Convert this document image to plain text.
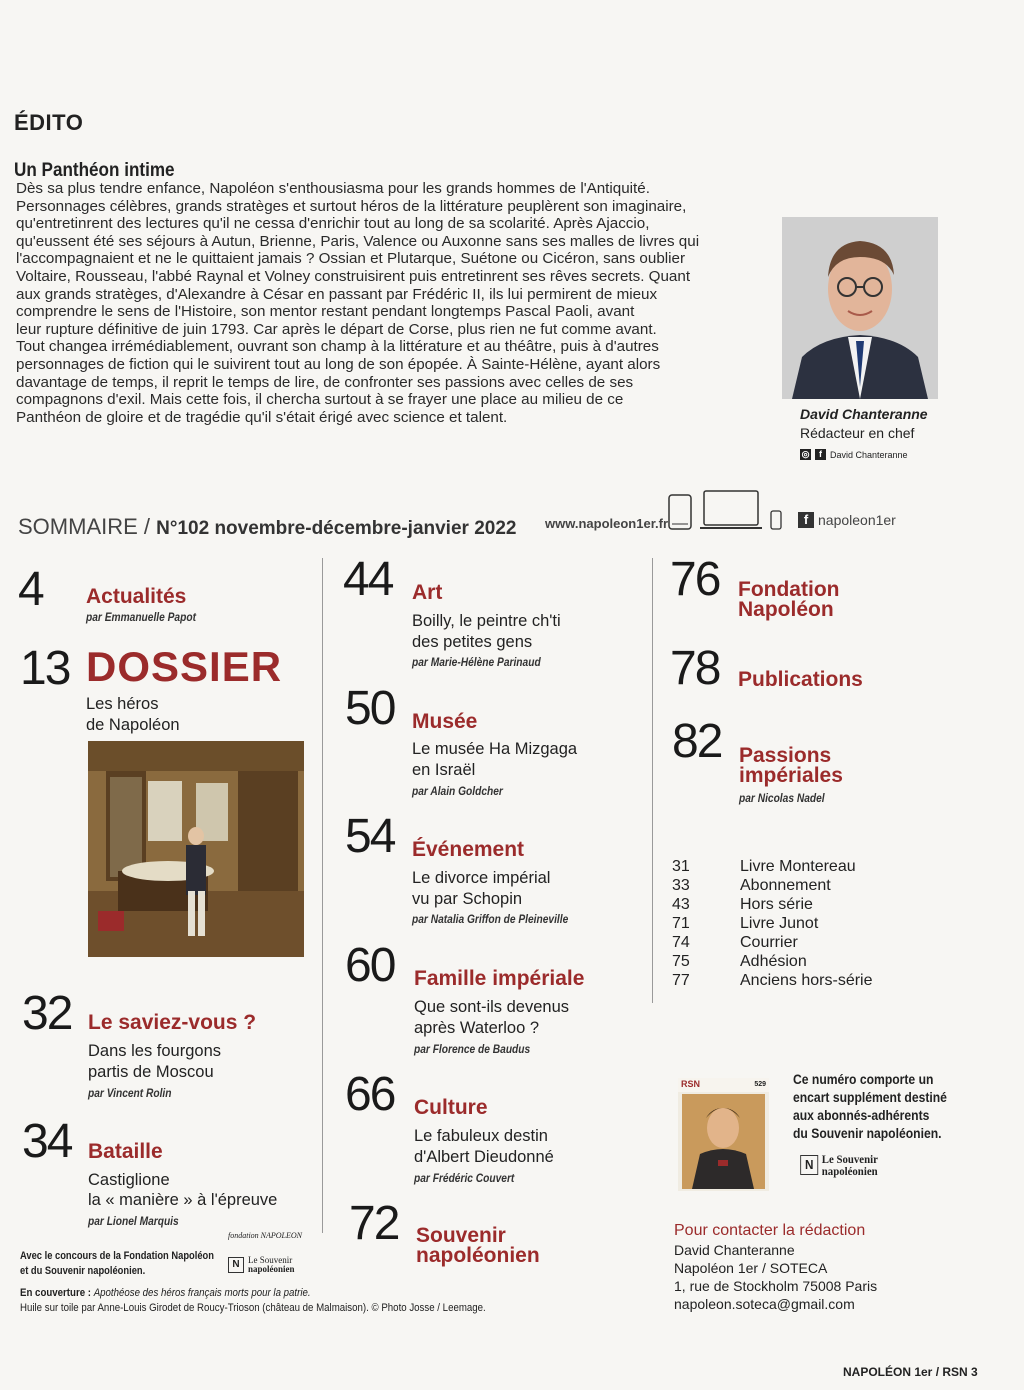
ÉDITO
Un Panthéon intime

Dès sa plus tendre enfance, Napoléon s'enthousiasma pour les grands hommes de l'Antiquité.

Personnages célèbres, grands stratèges et surtout héros de la littérature peuplèrent son imaginaire,

qu'entretinrent des lectures qu'il ne cessa d'enrichir tout au long de sa scolarité. Après Ajaccio,

qu'eussent été ses séjours à Autun, Brienne, Paris, Valence ou Auxonne sans ses malles de livres qui

l'accompagnaient et ne le quittaient jamais ? Ossian et Plutarque, Suétone ou Cicéron, sans oublier

Voltaire, Rousseau, l'abbé Raynal et Volney construisirent puis entretinrent ses rêves secrets. Quant

aux grands stratèges, d'Alexandre à César en passant par Frédéric II, ils lui permirent de mieux

comprendre le sens de l'Histoire, son mentor restant pendant longtemps Pascal Paoli, avant

leur rupture définitive de juin 1793. Car après le départ de Corse, plus rien ne fut comme avant.

Tout changea irrémédiablement, ouvrant son champ à la littérature et au théâtre, puis à d'autres

personnages de fiction qui le suivirent tout au long de son épopée. À Sainte-Hélène, ayant alors

davantage de temps, il reprit le temps de lire, de confronter ses passions avec celles de ses

compagnons d'exil. Mais cette fois, il chercha surtout à se frayer une place au milieu de ce

Panthéon de gloire et de tragédie qu'il s'était érigé avec science et talent.	David Chanteranne
Rédacteur en chef
◎	f David Chanteranne
SOMMAIRE / N°102 novembre-décembre-janvier 2022 www.napoleon1er.fr	f napoleon1er
4 Actualités
par Emmanuelle Papot
13 DOSSIER
Les héros
de Napoléon
32 Le saviez-vous ?
Dans les fourgons
partis de Moscou
par Vincent Rolin
34 Bataille
Castiglione
la « manière » à l'épreuve
par Lionel Marquis
44 Art
Boilly, le peintre ch'ti
des petites gens
par Marie-Hélène Parinaud
50 Musée
Le musée Ha Mizgaga
en Israël
par Alain Goldcher
54 Événement
Le divorce impérial
vu par Schopin
par Natalia Griffon de Pleineville
60 Famille impériale
Que sont-ils devenus
après Waterloo ?
par Florence de Baudus
66 Culture
Le fabuleux destin
d'Albert Dieudonné
par Frédéric Couvert
72 Souvenir
napoléonien
76 Fondation
Napoléon
78 Publications
82 Passions
impériales
par Nicolas Nadel
31	Livre Montereau
33	Abonnement
43	Hors série
71	Livre Junot
74	Courrier
75	Adhésion
77	Anciens hors-série
RSN	529 Ce numéro comporte un
encart supplément destiné
aux abonnés-adhérents
du Souvenir napoléonien.
N Le Souvenir
napoléonien
Pour contacter la rédaction
David Chanteranne
Napoléon 1er / SOTECA
1, rue de Stockholm 75008 Paris
napoleon.soteca@gmail.com
Avec le concours de la Fondation Napoléon
et du Souvenir napoléonien.
fondation NAPOLEON
N Le Souvenir
napoléonien
En couverture : Apothéose des héros français morts pour la patrie.
Huile sur toile par Anne-Louis Girodet de Roucy-Trioson (château de Malmaison). © Photo Josse / Leemage.
NAPOLÉON 1er / RSN 3
